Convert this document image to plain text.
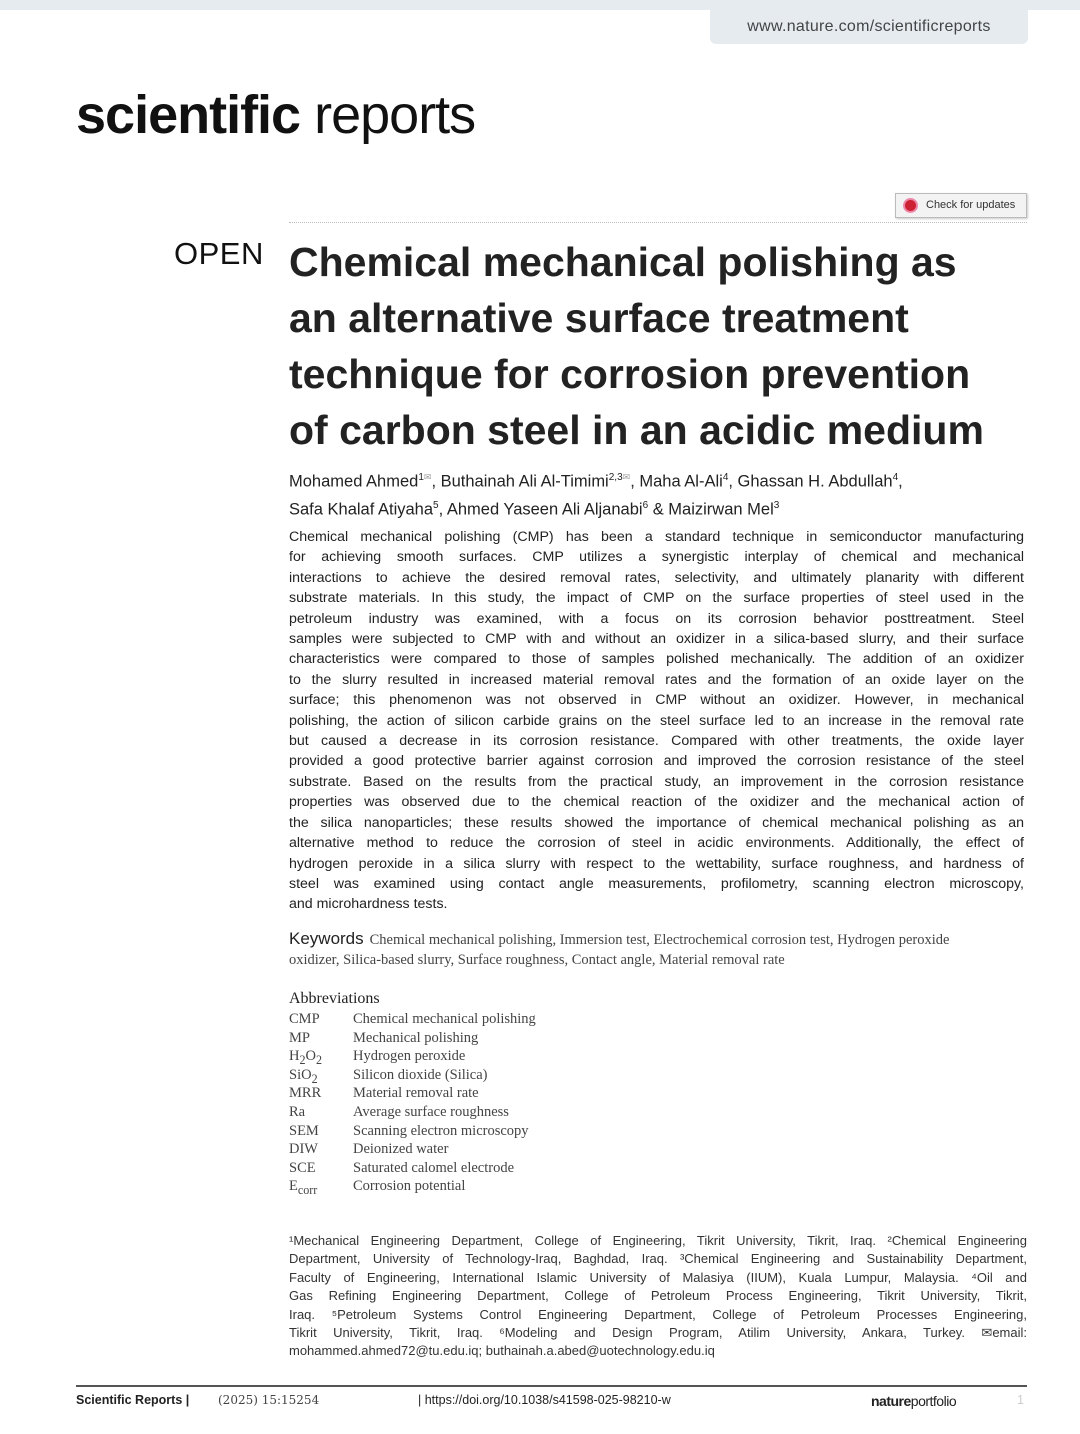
www.nature.com/scientificreports
scientific reports
Check for updates
OPEN Chemical mechanical polishing as
an alternative surface treatment
technique for corrosion prevention
of carbon steel in an acidic medium
Mohamed Ahmed$^{1✉}$, Buthainah Ali Al-Timimi$^{2,3✉}$, Maha Al-Ali$^4$, Ghassan H. Abdullah$^4$,
Safa Khalaf Atiyaha$^5$, Ahmed Yaseen Ali Aljanabi$^6$ & Maizirwan Mel$^3$
Chemical mechanical polishing (CMP) has been a standard technique in semiconductor manufacturing
for achieving smooth surfaces. CMP utilizes a synergistic interplay of chemical and mechanical
interactions to achieve the desired removal rates, selectivity, and ultimately planarity with different
substrate materials. In this study, the impact of CMP on the surface properties of steel used in the
petroleum industry was examined, with a focus on its corrosion behavior posttreatment. Steel
samples were subjected to CMP with and without an oxidizer in a silica-based slurry, and their surface
characteristics were compared to those of samples polished mechanically. The addition of an oxidizer
to the slurry resulted in increased material removal rates and the formation of an oxide layer on the
surface; this phenomenon was not observed in CMP without an oxidizer. However, in mechanical
polishing, the action of silicon carbide grains on the steel surface led to an increase in the removal rate
but caused a decrease in its corrosion resistance. Compared with other treatments, the oxide layer
provided a good protective barrier against corrosion and improved the corrosion resistance of the steel
substrate. Based on the results from the practical study, an improvement in the corrosion resistance
properties was observed due to the chemical reaction of the oxidizer and the mechanical action of
the silica nanoparticles; these results showed the importance of chemical mechanical polishing as an
alternative method to reduce the corrosion of steel in acidic environments. Additionally, the effect of
hydrogen peroxide in a silica slurry with respect to the wettability, surface roughness, and hardness of
steel was examined using contact angle measurements, profilometry, scanning electron microscopy,
and microhardness tests.
Keywords Chemical mechanical polishing, Immersion test, Electrochemical corrosion test, Hydrogen peroxide oxidizer, Silica-based slurry, Surface roughness, Contact angle, Material removal rate
Abbreviations
CMP	Chemical mechanical polishing
MP	Mechanical polishing
$H_2O_2$	Hydrogen peroxide
SiO$_2$	Silicon dioxide (Silica)
MRR	Material removal rate
Ra	Average surface roughness
SEM	Scanning electron microscopy
DIW	Deionized water
SCE	Saturated calomel electrode
$E_{corr}$	Corrosion potential
¹Mechanical Engineering Department, College of Engineering, Tikrit University, Tikrit, Iraq. ²Chemical Engineering
Department, University of Technology-Iraq, Baghdad, Iraq. ³Chemical Engineering and Sustainability Department,
Faculty of Engineering, International Islamic University of Malasiya (IIUM), Kuala Lumpur, Malaysia. ⁴Oil and
Gas Refining Engineering Department, College of Petroleum Process Engineering, Tikrit University, Tikrit,
Iraq. ⁵Petroleum Systems Control Engineering Department, College of Petroleum Processes Engineering,
Tikrit University, Tikrit, Iraq. ⁶Modeling and Design Program, Atilim University, Ankara, Turkey. ✉email:
mohammed.ahmed72@tu.edu.iq; buthainah.a.abed@uotechnology.edu.iq
Scientific Reports | (2025) 15:15254	| https://doi.org/10.1038/s41598-025-98210-w	natureportfolio	1
